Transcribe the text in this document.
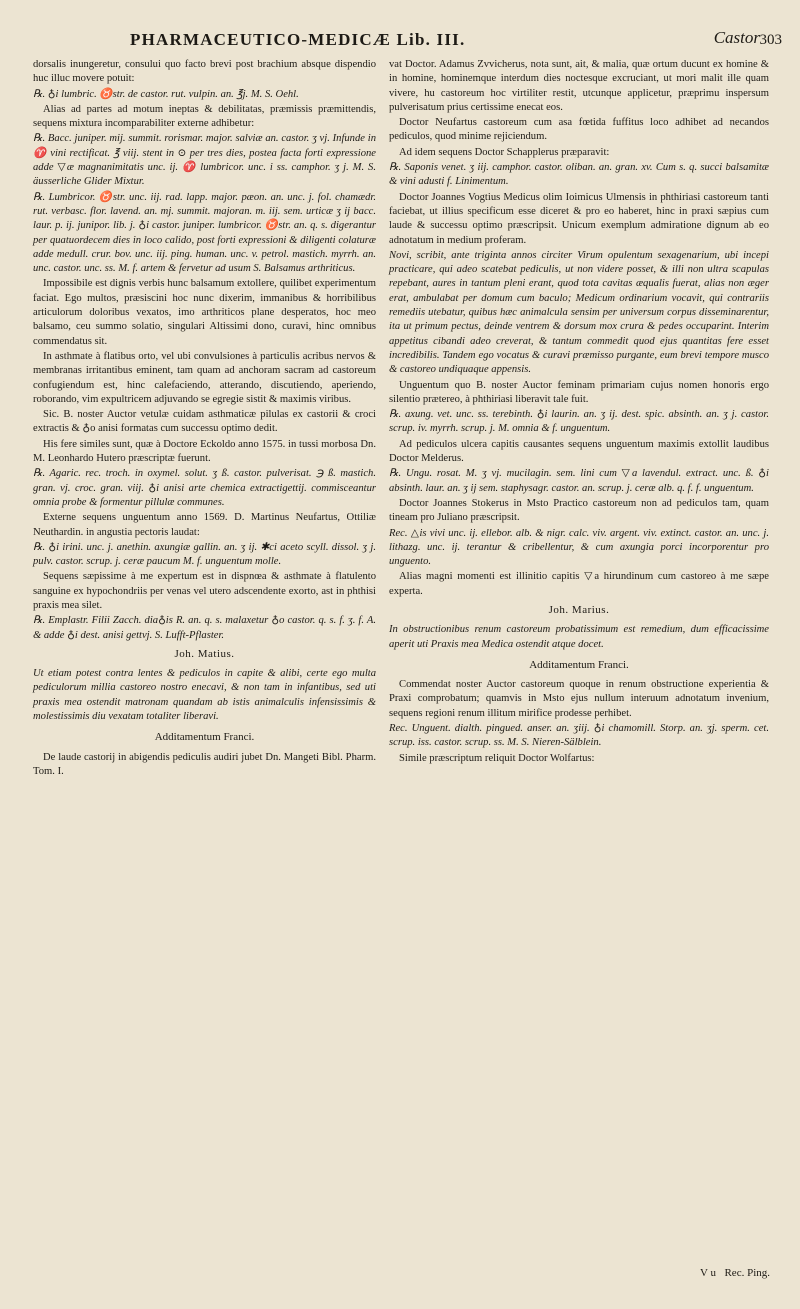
PHARMACEUTICO-MEDICÆ Lib. III.	Castor 303

dorsalis inungeretur, consului quo facto brevi post brachium absque dispendio huc illuc movere potuit:

℞. ♁i lumbric. ♉str. de castor. rut. vulpin. an. ℥j. M. S. Oehl.

Alias ad partes ad motum ineptas & debilitatas, præmissis præmittendis, sequens mixtura incomparabiliter externe adhibetur:

℞. Bacc. juniper. mij. summit. rorismar. major. salviæ an. castor. ʒ vj. Infunde in ♈ vini rectificat. ℥ viij. stent in ⊙ per tres dies, postea facta forti expressione adde ▽æ magnanimitatis unc. ij. ♈ lumbricor. unc. i ss. camphor. ʒ j. M. S. äusserliche Glider Mixtur.

℞. Lumbricor. ♉str. unc. iij. rad. lapp. major. pæon. an. unc. j. fol. chamædr. rut. verbasc. flor. lavend. an. mj. summit. majoran. m. iij. sem. urticæ ʒ ij bacc. laur. p. ij. junipor. lib. j. ♁i castor. juniper. lumbricor. ♉str. an. q. s. digerantur per quatuordecem dies in loco calido, post forti expressioni & diligenti colaturæ adde medull. crur. bov. unc. iij. ping. human. unc. v. petrol. mastich. myrrh. an. unc. castor. unc. ss. M. f. artem & fervetur ad usum S. Balsamus arthriticus.

Impossibile est dignis verbis hunc balsamum extollere, quilibet experimentum faciat. Ego multos, præsiscini hoc nunc dixerim, immanibus & horribilibus articulorum doloribus vexatos, imo arthriticos plane desperatos, hoc meo balsamo, ceu summo solatio, singulari Altissimi dono, curavi, hinc omnibus commendatus sit.

In asthmate à flatibus orto, vel ubi convulsiones à particulis acribus nervos & membranas irritantibus eminent, tam quam ad anchoram sacram ad castoreum confugiendum est, hinc calefaciendo, atterando, discutiendo, aperiendo, roborando, vim expultricem adjuvando se egregie sistit & maximis viribus.

Sic. B. noster Auctor vetulæ cuidam asthmaticæ pilulas ex castorii & croci extractis & ♁o anisi formatas cum successu optimo dedit.

His fere similes sunt, quæ à Doctore Eckoldo anno 1575. in tussi morbosa Dn. M. Leonhardo Hutero præscriptæ fuerunt.

℞. Agaric. rec. troch. in oxymel. solut. ʒ ß. castor. pulverisat. ℈ ß. mastich. gran. vj. croc. gran. viij. ♁i anisi arte chemica extractigettij. commisceantur omnia probe & formentur pillulæ communes.

Externe sequens unguentum anno 1569. D. Martinus Neufartus, Ottiliæ Neuthardin. in angustia pectoris laudat:

℞. ♁i irini. unc. j. anethin. axungiæ gallin. an. ʒ ij. ✱ci aceto scyll. dissol. ʒ j. pulv. castor. scrup. j. ceræ paucum M. f. unguentum molle.

Sequens sæpissime à me expertum est in dispnœa & asthmate à flatulento sanguine ex hypochondriis per venas vel utero adscendente exorto, ast in phthisi praxis mea silet.

℞. Emplastr. Filii Zacch. dia♁is R. an. q. s. malaxetur ♁o castor. q. s. f. ʒ. f. A. & adde ♁i dest. anisi gettvj. S. Lufft-Pflaster.

Joh. Matius.

Ut etiam potest contra lentes & pediculos in capite & alibi, certe ego multa pediculorum millia castoreo nostro enecavi, & non tam in infantibus, sed uti praxis mea ostendit matronam quandam ab istis animalculis infensissimis & molestissimis diu vexatam totaliter liberavi.

Additamentum Franci.

De laude castorij in abigendis pediculis audiri jubet Dn. Mangeti Bibl. Pharm. Tom. I.

vat Doctor. Adamus Zvvicherus, nota sunt, ait, & malia, quæ ortum ducunt ex homine & in homine, hominemque interdum dies noctesque excruciant, ut mori malit ille quam vivere, hu castoreum hoc virtiliter restit, utcunque applicetur, præprimu inspersum pulverisatum prius certissime enecat eos.

Doctor Neufartus castoreum cum asa fœtida fuffitus loco adhibet ad necandos pediculos, quod minime rejiciendum.

Ad idem sequens Doctor Schapplerus præparavit:

℞. Saponis venet. ʒ iij. camphor. castor. oliban. an. gran. xv. Cum s. q. succi balsamitæ & vini adusti f. Linimentum.

Doctor Joannes Vogtius Medicus olim Ioimicus Ulmensis in phthiriasi castoreum tanti faciebat, ut illius specificum esse diceret & pro eo haberet, hinc in praxi sæpius cum laude & successu optimo præscripsit. Unicum exemplum admiratione dignum ab eo adnotatum in medium proferam.

Novi, scribit, ante triginta annos circiter Virum opulentum sexagenarium, ubi incepi practicare, qui adeo scatebat pediculis, ut non videre posset, & illi non ultra scapulas repebant, aures in tantum pleni erant, quod tota cavitas æqualis fuerat, alias non æger erat, ambulabat per domum cum baculo; Medicum ordinarium vocavit, qui contrariis remediis utebatur, quibus hæc animalcula sensim per universum corpus disseminarentur, ita ut primum pectus, deinde ventrem & dorsum mox crura & pedes occuparint. Interim appetitus cibandi adeo creverat, & tantum commedit quod ejus quantitas fere esset incredibilis. Tandem ego vocatus & curavi præmisso purgante, eum brevi tempore musco & castoreo undiquaque appensis.

Unguentum quo B. noster Auctor feminam primariam cujus nomen honoris ergo silentio prætereo, à phthiriasi liberavit tale fuit.

℞. axung. vet. unc. ss. terebinth. ♁i laurin. an. ʒ ij. dest. spic. absinth. an. ʒ j. castor. scrup. iv. myrrh. scrup. j. M. omnia & f. unguentum.

Ad pediculos ulcera capitis causantes sequens unguentum maximis extollit laudibus Doctor Melderus.

℞. Ungu. rosat. M. ʒ vj. mucilagin. sem. lini cum ▽a lavendul. extract. unc. ß. ♁i absinth. laur. an. ʒ ij sem. staphysagr. castor. an. scrup. j. ceræ alb. q. f. f. unguentum.

Doctor Joannes Stokerus in Msto Practico castoreum non ad pediculos tam, quam tineam pro Juliano præscripsit.

Rec. △is vivi unc. ij. ellebor. alb. & nigr. calc. viv. argent. viv. extinct. castor. an. unc. j. lithazg. unc. ij. terantur & cribellentur, & cum axungia porci incorporentur pro unguento.

Alias magni momenti est illinitio capitis ▽a hirundinum cum castoreo à me sæpe experta.

Joh. Marius.

In obstructionibus renum castoreum probatissimum est remedium, dum efficacissime aperit uti Praxis mea Medica ostendit atque docet.

Additamentum Franci.

Commendat noster Auctor castoreum quoque in renum obstructione experientia & Praxi comprobatum; quamvis in Msto ejus nullum interuum adnotatum invenium, sequens regioni renum illitum mirifice prodesse perhibet.

Rec. Unguent. dialth. pingued. anser. an. ʒiij. ♁i chamomill. Storp. an. ʒj. sperm. cet. scrup. iss. castor. scrup. ss. M. S. Nieren-Sälblein.

Simile præscriptum reliquit Doctor Wolfartus:

V u Rec. Ping.
